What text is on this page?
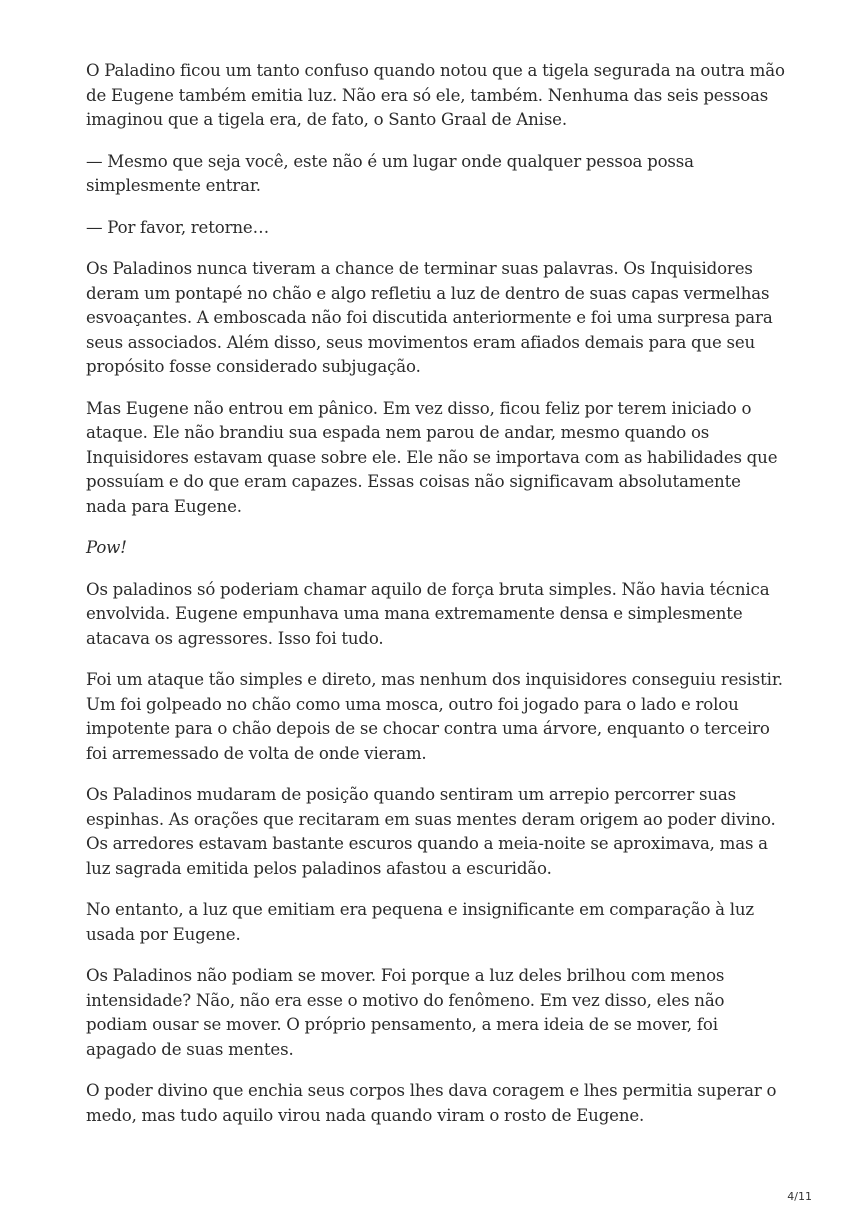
O Paladino ficou um tanto confuso quando notou que a tigela segurada na outra mão de Eugene também emitia luz. Não era só ele, também. Nenhuma das seis pessoas imaginou que a tigela era, de fato, o Santo Graal de Anise.

— Mesmo que seja você, este não é um lugar onde qualquer pessoa possa simplesmente entrar.

— Por favor, retorne…

Os Paladinos nunca tiveram a chance de terminar suas palavras. Os Inquisidores deram um pontapé no chão e algo refletiu a luz de dentro de suas capas vermelhas esvoaçantes. A emboscada não foi discutida anteriormente e foi uma surpresa para seus associados. Além disso, seus movimentos eram afiados demais para que seu propósito fosse considerado subjugação.

Mas Eugene não entrou em pânico. Em vez disso, ficou feliz por terem iniciado o ataque. Ele não brandiu sua espada nem parou de andar, mesmo quando os Inquisidores estavam quase sobre ele. Ele não se importava com as habilidades que possuíam e do que eram capazes. Essas coisas não significavam absolutamente nada para Eugene.

Pow!

Os paladinos só poderiam chamar aquilo de força bruta simples. Não havia técnica envolvida. Eugene empunhava uma mana extremamente densa e simplesmente atacava os agressores. Isso foi tudo.

Foi um ataque tão simples e direto, mas nenhum dos inquisidores conseguiu resistir. Um foi golpeado no chão como uma mosca, outro foi jogado para o lado e rolou impotente para o chão depois de se chocar contra uma árvore, enquanto o terceiro foi arremessado de volta de onde vieram.

Os Paladinos mudaram de posição quando sentiram um arrepio percorrer suas espinhas. As orações que recitaram em suas mentes deram origem ao poder divino. Os arredores estavam bastante escuros quando a meia-noite se aproximava, mas a luz sagrada emitida pelos paladinos afastou a escuridão.

No entanto, a luz que emitiam era pequena e insignificante em comparação à luz usada por Eugene.

Os Paladinos não podiam se mover. Foi porque a luz deles brilhou com menos intensidade? Não, não era esse o motivo do fenômeno. Em vez disso, eles não podiam ousar se mover. O próprio pensamento, a mera ideia de se mover, foi apagado de suas mentes.

O poder divino que enchia seus corpos lhes dava coragem e lhes permitia superar o medo, mas tudo aquilo virou nada quando viram o rosto de Eugene.

4/11
